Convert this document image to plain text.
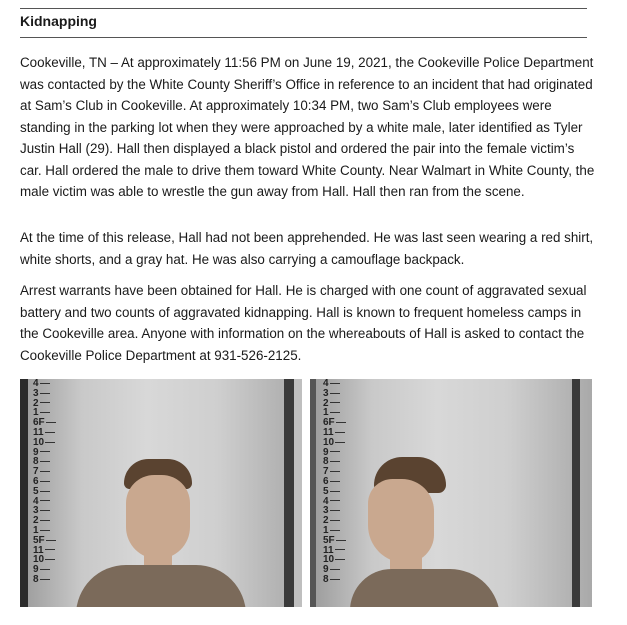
Kidnapping

Cookeville, TN – At approximately 11:56 PM on June 19, 2021, the Cookeville Police Department was contacted by the White County Sheriff’s Office in reference to an incident that had originated at Sam’s Club in Cookeville. At approximately 10:34 PM, two Sam’s Club employees were standing in the parking lot when they were approached by a white male, later identified as Tyler Justin Hall (29). Hall then displayed a black pistol and ordered the pair into the female victim’s car. Hall ordered the male to drive them toward White County. Near Walmart in White County, the male victim was able to wrestle the gun away from Hall. Hall then ran from the scene.

At the time of this release, Hall had not been apprehended. He was last seen wearing a red shirt, white shorts, and a gray hat. He was also carrying a camouflage backpack.

Arrest warrants have been obtained for Hall. He is charged with one count of aggravated sexual battery and two counts of aggravated kidnapping. Hall is known to frequent homeless camps in the Cookeville area. Anyone with information on the whereabouts of Hall is asked to contact the Cookeville Police Department at 931-526-2125.

4
3
2
1
6F
11
10
9
8
7
6
5
4
3
2
1
5F
11
10
9
8
4
3
2
1
6F
11
10
9
8
7
6
5
4
3
2
1
5F
11
10
9
8
